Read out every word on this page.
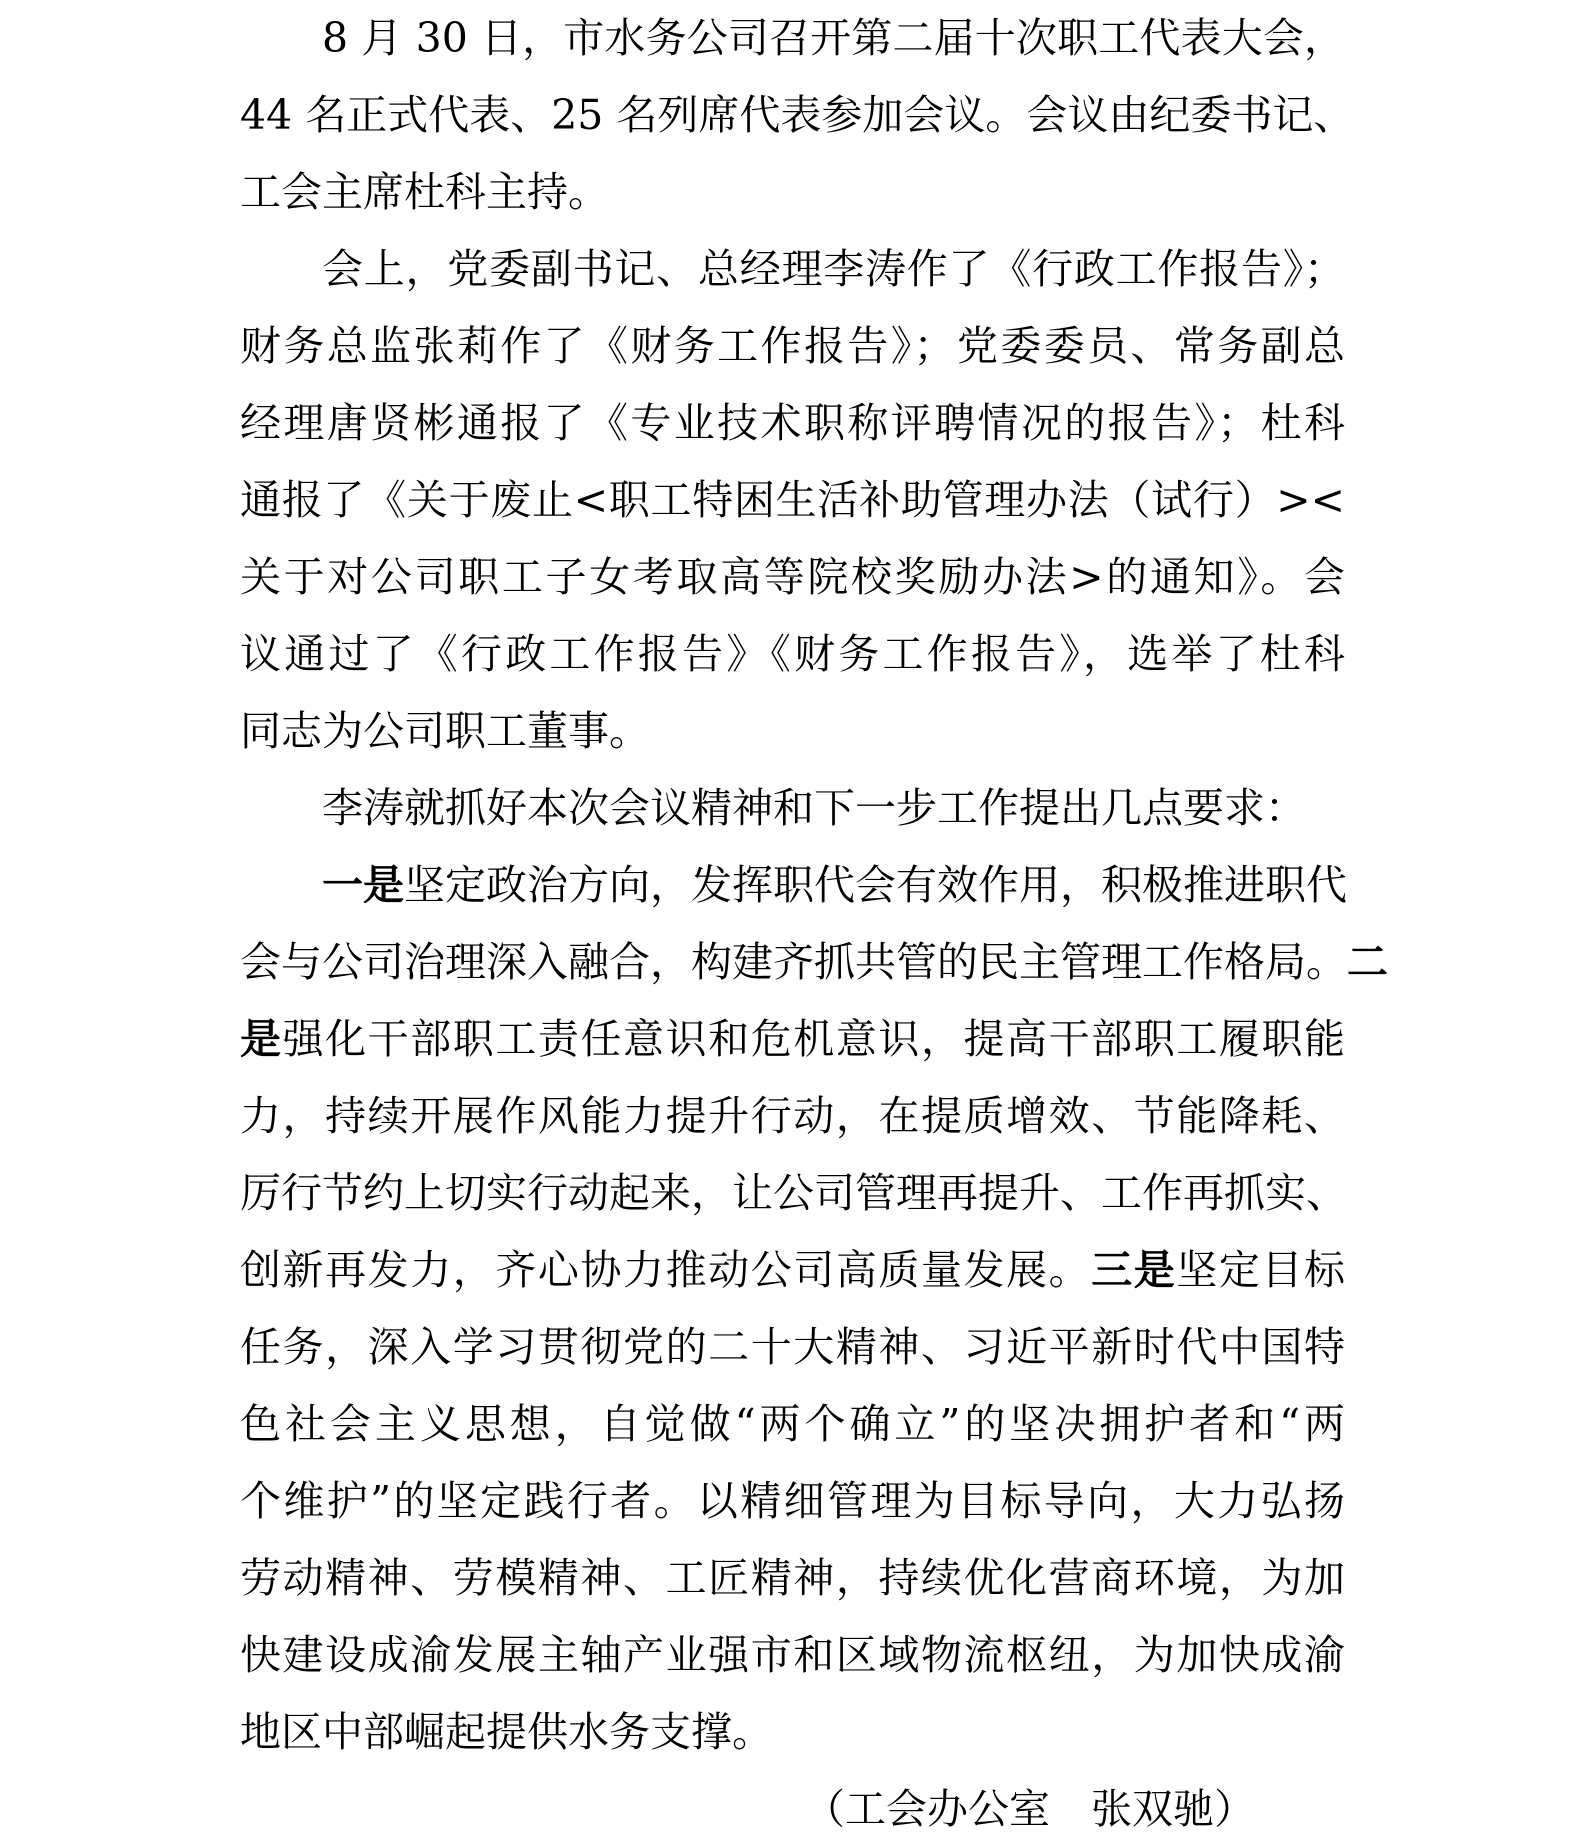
8 月 30 日，市水务公司召开第二届十次职工代表大会，
44 名正式代表、25 名列席代表参加会议。会议由纪委书记、
工会主席杜科主持。
会上，党委副书记、总经理李涛作了《行政工作报告》；
财务总监张莉作了《财务工作报告》；党委委员、常务副总
经理唐贤彬通报了《专业技术职称评聘情况的报告》；杜科
通报了《关于废止<职工特困生活补助管理办法（试行）><
关于对公司职工子女考取高等院校奖励办法>的通知》。会
议通过了《行政工作报告》《财务工作报告》，选举了杜科
同志为公司职工董事。
李涛就抓好本次会议精神和下一步工作提出几点要求：
一是坚定政治方向，发挥职代会有效作用，积极推进职代
会与公司治理深入融合，构建齐抓共管的民主管理工作格局。二
是强化干部职工责任意识和危机意识，提高干部职工履职能
力，持续开展作风能力提升行动，在提质增效、节能降耗、
厉行节约上切实行动起来，让公司管理再提升、工作再抓实、
创新再发力，齐心协力推动公司高质量发展。三是坚定目标
任务，深入学习贯彻党的二十大精神、习近平新时代中国特
色社会主义思想，自觉做“两个确立”的坚决拥护者和“两
个维护”的坚定践行者。以精细管理为目标导向，大力弘扬
劳动精神、劳模精神、工匠精神，持续优化营商环境，为加
快建设成渝发展主轴产业强市和区域物流枢纽，为加快成渝
地区中部崛起提供水务支撑。
（工会办公室　张双驰）
